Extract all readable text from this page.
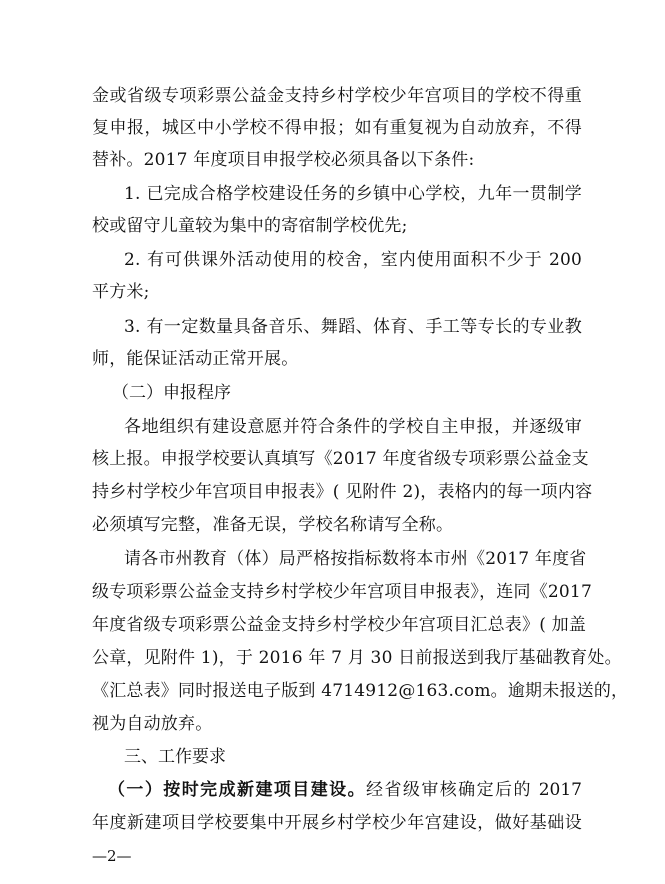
金或省级专项彩票公益金支持乡村学校少年宫项目的学校不得重
复申报，城区中小学校不得申报；如有重复视为自动放弃，不得
替补。2017 年度项目申报学校必须具备以下条件:
1. 已完成合格学校建设任务的乡镇中心学校，九年一贯制学
校或留守儿童较为集中的寄宿制学校优先;
2. 有可供课外活动使用的校舍，室内使用面积不少于 200
平方米;
3. 有一定数量具备音乐、舞蹈、体育、手工等专长的专业教
师，能保证活动正常开展。
（二）申报程序
各地组织有建设意愿并符合条件的学校自主申报，并逐级审
核上报。申报学校要认真填写《2017 年度省级专项彩票公益金支
持乡村学校少年宫项目申报表》( 见附件 2)，表格内的每一项内容
必须填写完整，准备无误，学校名称请写全称。
请各市州教育（体）局严格按指标数将本市州《2017 年度省
级专项彩票公益金支持乡村学校少年宫项目申报表》，连同《2017
年度省级专项彩票公益金支持乡村学校少年宫项目汇总表》( 加盖
公章，见附件 1)，于 2016 年 7 月 30 日前报送到我厅基础教育处。
《汇总表》同时报送电子版到 4714912@163.com。逾期未报送的，
视为自动放弃。
三、工作要求
（一）按时完成新建项目建设。经省级审核确定后的 2017
年度新建项目学校要集中开展乡村学校少年宫建设，做好基础设
—2—
